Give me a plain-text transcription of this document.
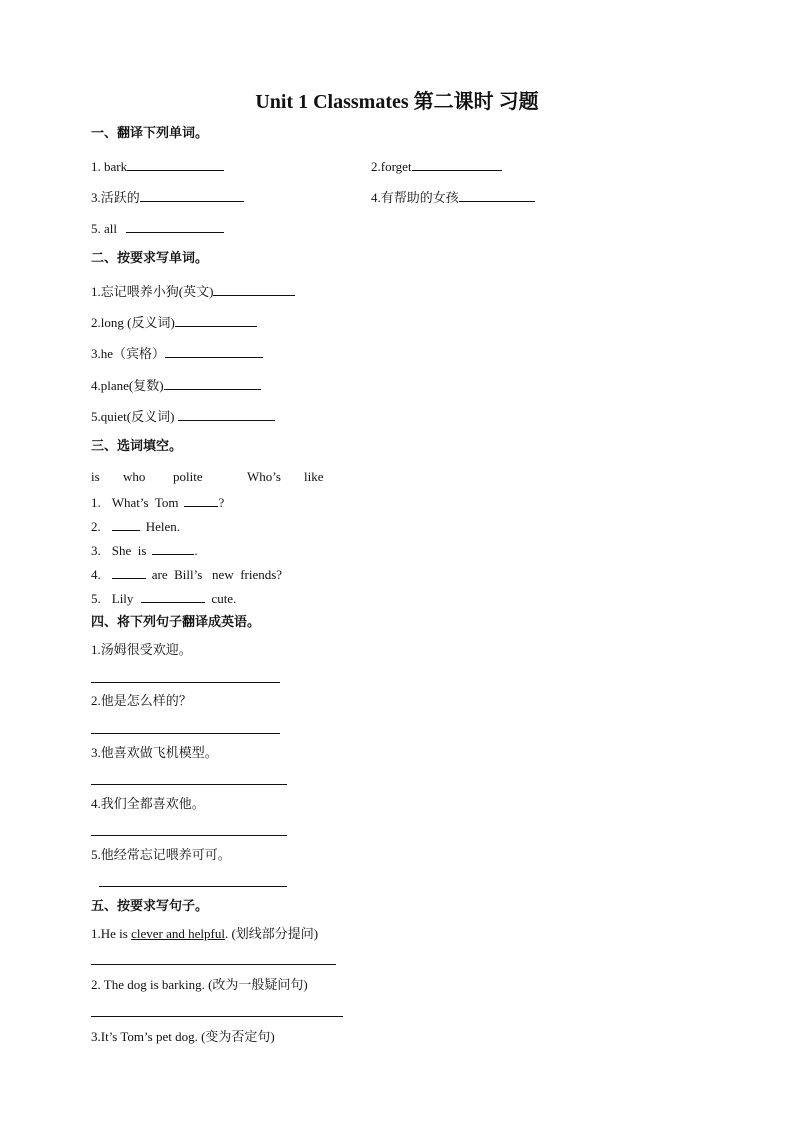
Unit 1 Classmates 第二课时 习题
一、翻译下列单词。
1. bark	2.forget
3.活跃的	4.有帮助的女孩
5. all
二、按要求写单词。
1.忘记喂养小狗(英文)
2.long (反义词)
3.he（宾格）
4.plane(复数)
5.quiet(反义词)
三、选词填空。
is who polite	Who’s like
1. What’s  Tom	?
2.	Helen.
3. She  is	.
4.	are  Bill’s   new  friends?
5. Lily	cute.
四、将下列句子翻译成英语。
1.汤姆很受欢迎。
2.他是怎么样的？
3.他喜欢做飞机模型。
4.我们全都喜欢他。
5.他经常忘记喂养可可。
五、按要求写句子。
1.He is clever and helpful. (划线部分提问)
2. The dog is barking. (改为一般疑问句)
3.It’s Tom’s pet dog. (变为否定句)
